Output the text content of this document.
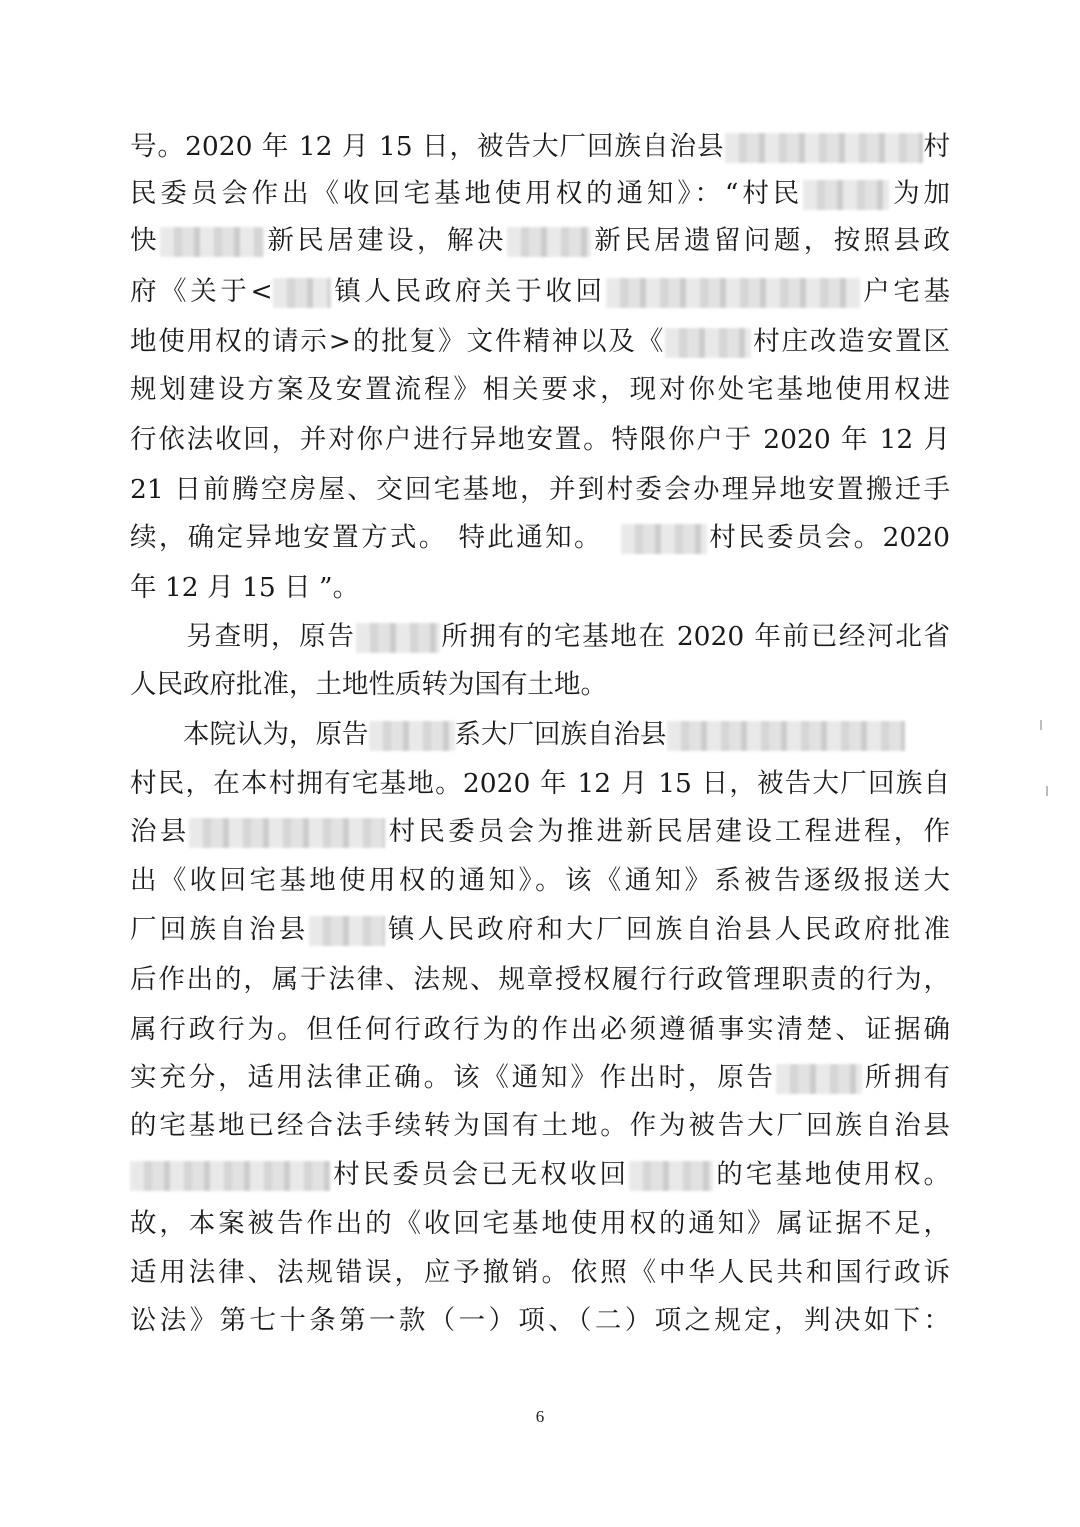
号。2020 年 12 月 15 日，被告大厂回族自治县	村
民委员会作出《收回宅基地使用权的通知》：“村民	为加
快	新民居建设，解决	新民居遗留问题，按照县政
府《关于< 镇人民政府关于收回	户宅基
地使用权的请示>的批复》文件精神以及《	村庄改造安置区
规划建设方案及安置流程》相关要求，现对你处宅基地使用权进
行依法收回，并对你户进行异地安置。特限你户于 2020 年 12 月
21 日前腾空房屋、交回宅基地，并到村委会办理异地安置搬迁手
续，确定异地安置方式。 特此通知。	村民委员会。2020
年 12 月 15 日 ”。
　　另查明，原告	所拥有的宅基地在 2020 年前已经河北省
人民政府批准，土地性质转为国有土地。
　　本院认为，原告	系大厂回族自治县
村民，在本村拥有宅基地。2020 年 12 月 15 日，被告大厂回族自
治县	村民委员会为推进新民居建设工程进程，作
出《收回宅基地使用权的通知》。该《通知》系被告逐级报送大
厂回族自治县	镇人民政府和大厂回族自治县人民政府批准
后作出的，属于法律、法规、规章授权履行行政管理职责的行为，
属行政行为。但任何行政行为的作出必须遵循事实清楚、证据确
实充分，适用法律正确。该《通知》作出时，原告	所拥有
的宅基地已经合法手续转为国有土地。作为被告大厂回族自治县
村民委员会已无权收回	的宅基地使用权。
故，本案被告作出的《收回宅基地使用权的通知》属证据不足，
适用法律、法规错误，应予撤销。依照《中华人民共和国行政诉
讼法》第七十条第一款（一）项、（二）项之规定，判决如下：
6
